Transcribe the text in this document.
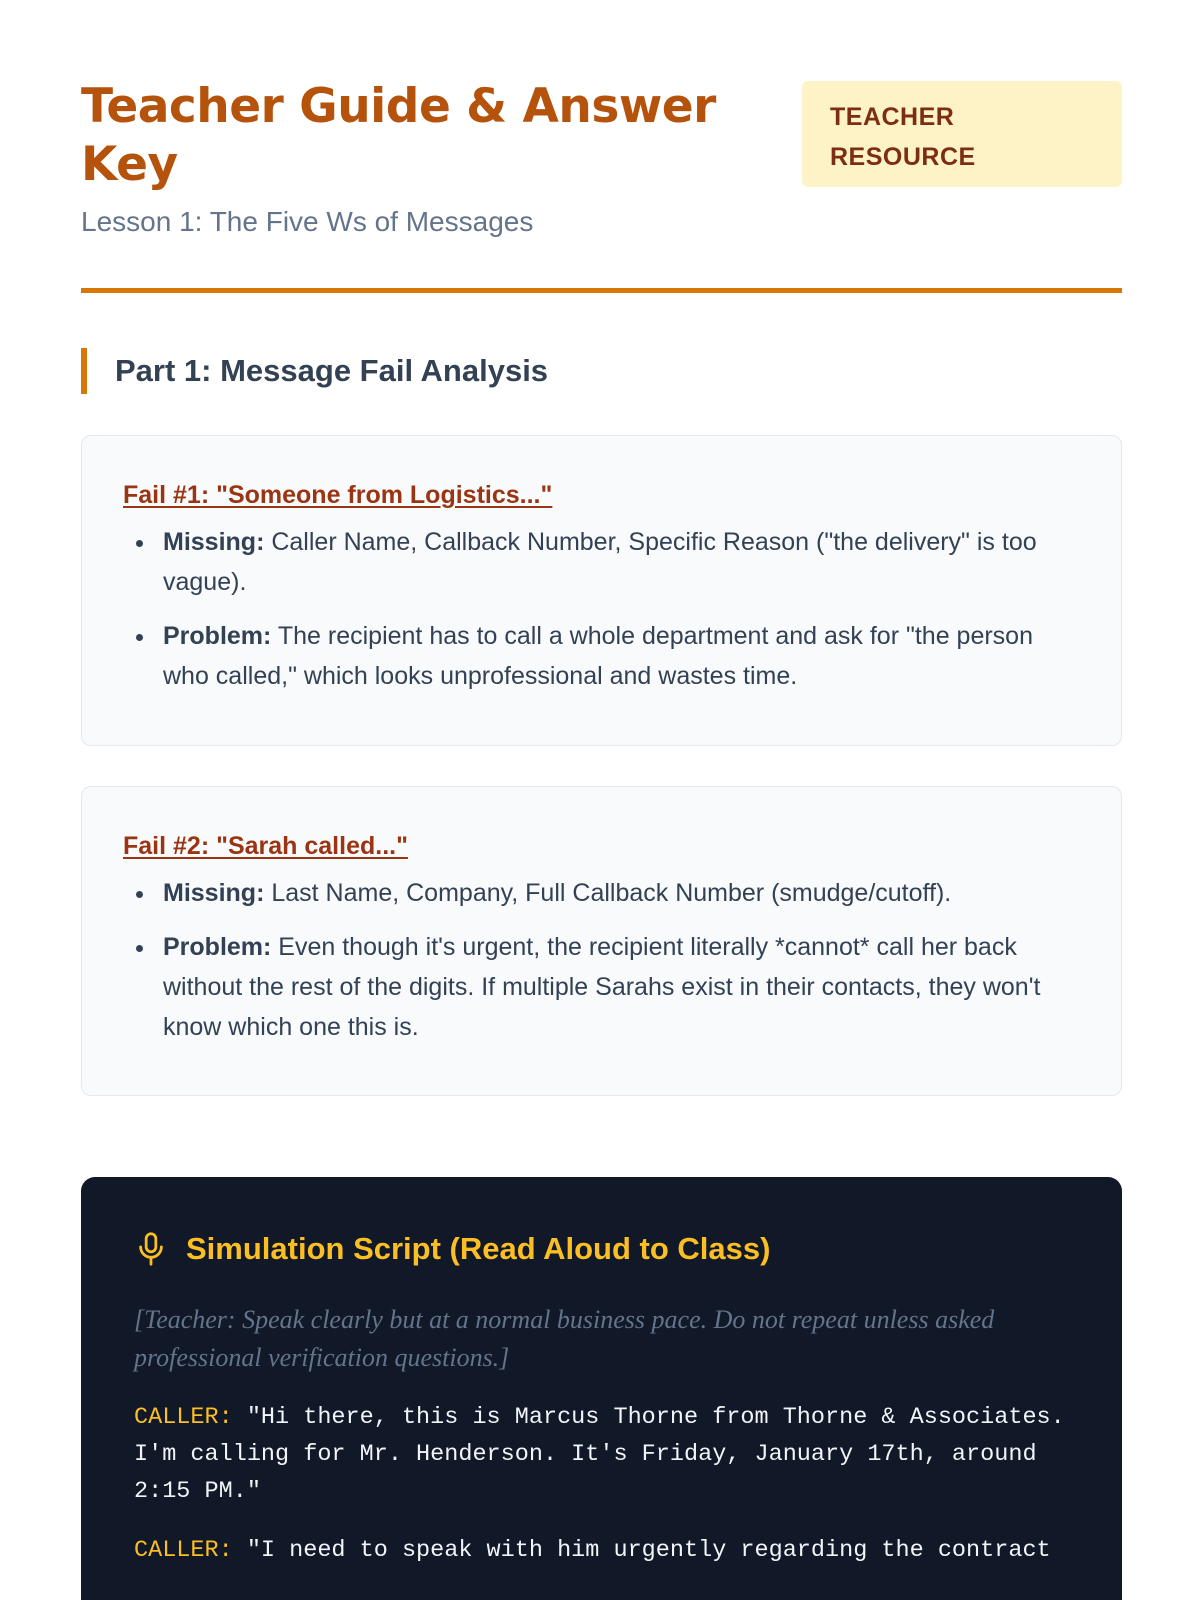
Teacher Guide & Answer Key
Lesson 1: The Five Ws of Messages
TEACHER RESOURCE
Part 1: Message Fail Analysis
Fail #1: "Someone from Logistics..."
Missing: Caller Name, Callback Number, Specific Reason ("the delivery" is too vague).
Problem: The recipient has to call a whole department and ask for "the person who called," which looks unprofessional and wastes time.
Fail #2: "Sarah called..."
Missing: Last Name, Company, Full Callback Number (smudge/cutoff).
Problem: Even though it's urgent, the recipient literally *cannot* call her back without the rest of the digits. If multiple Sarahs exist in their contacts, they won't know which one this is.
Simulation Script (Read Aloud to Class)
[Teacher: Speak clearly but at a normal business pace. Do not repeat unless asked professional verification questions.]
CALLER: "Hi there, this is Marcus Thorne from Thorne & Associates. I'm calling for Mr. Henderson. It's Friday, January 17th, around 2:15 PM."
CALLER: "I need to speak with him urgently regarding the contract
